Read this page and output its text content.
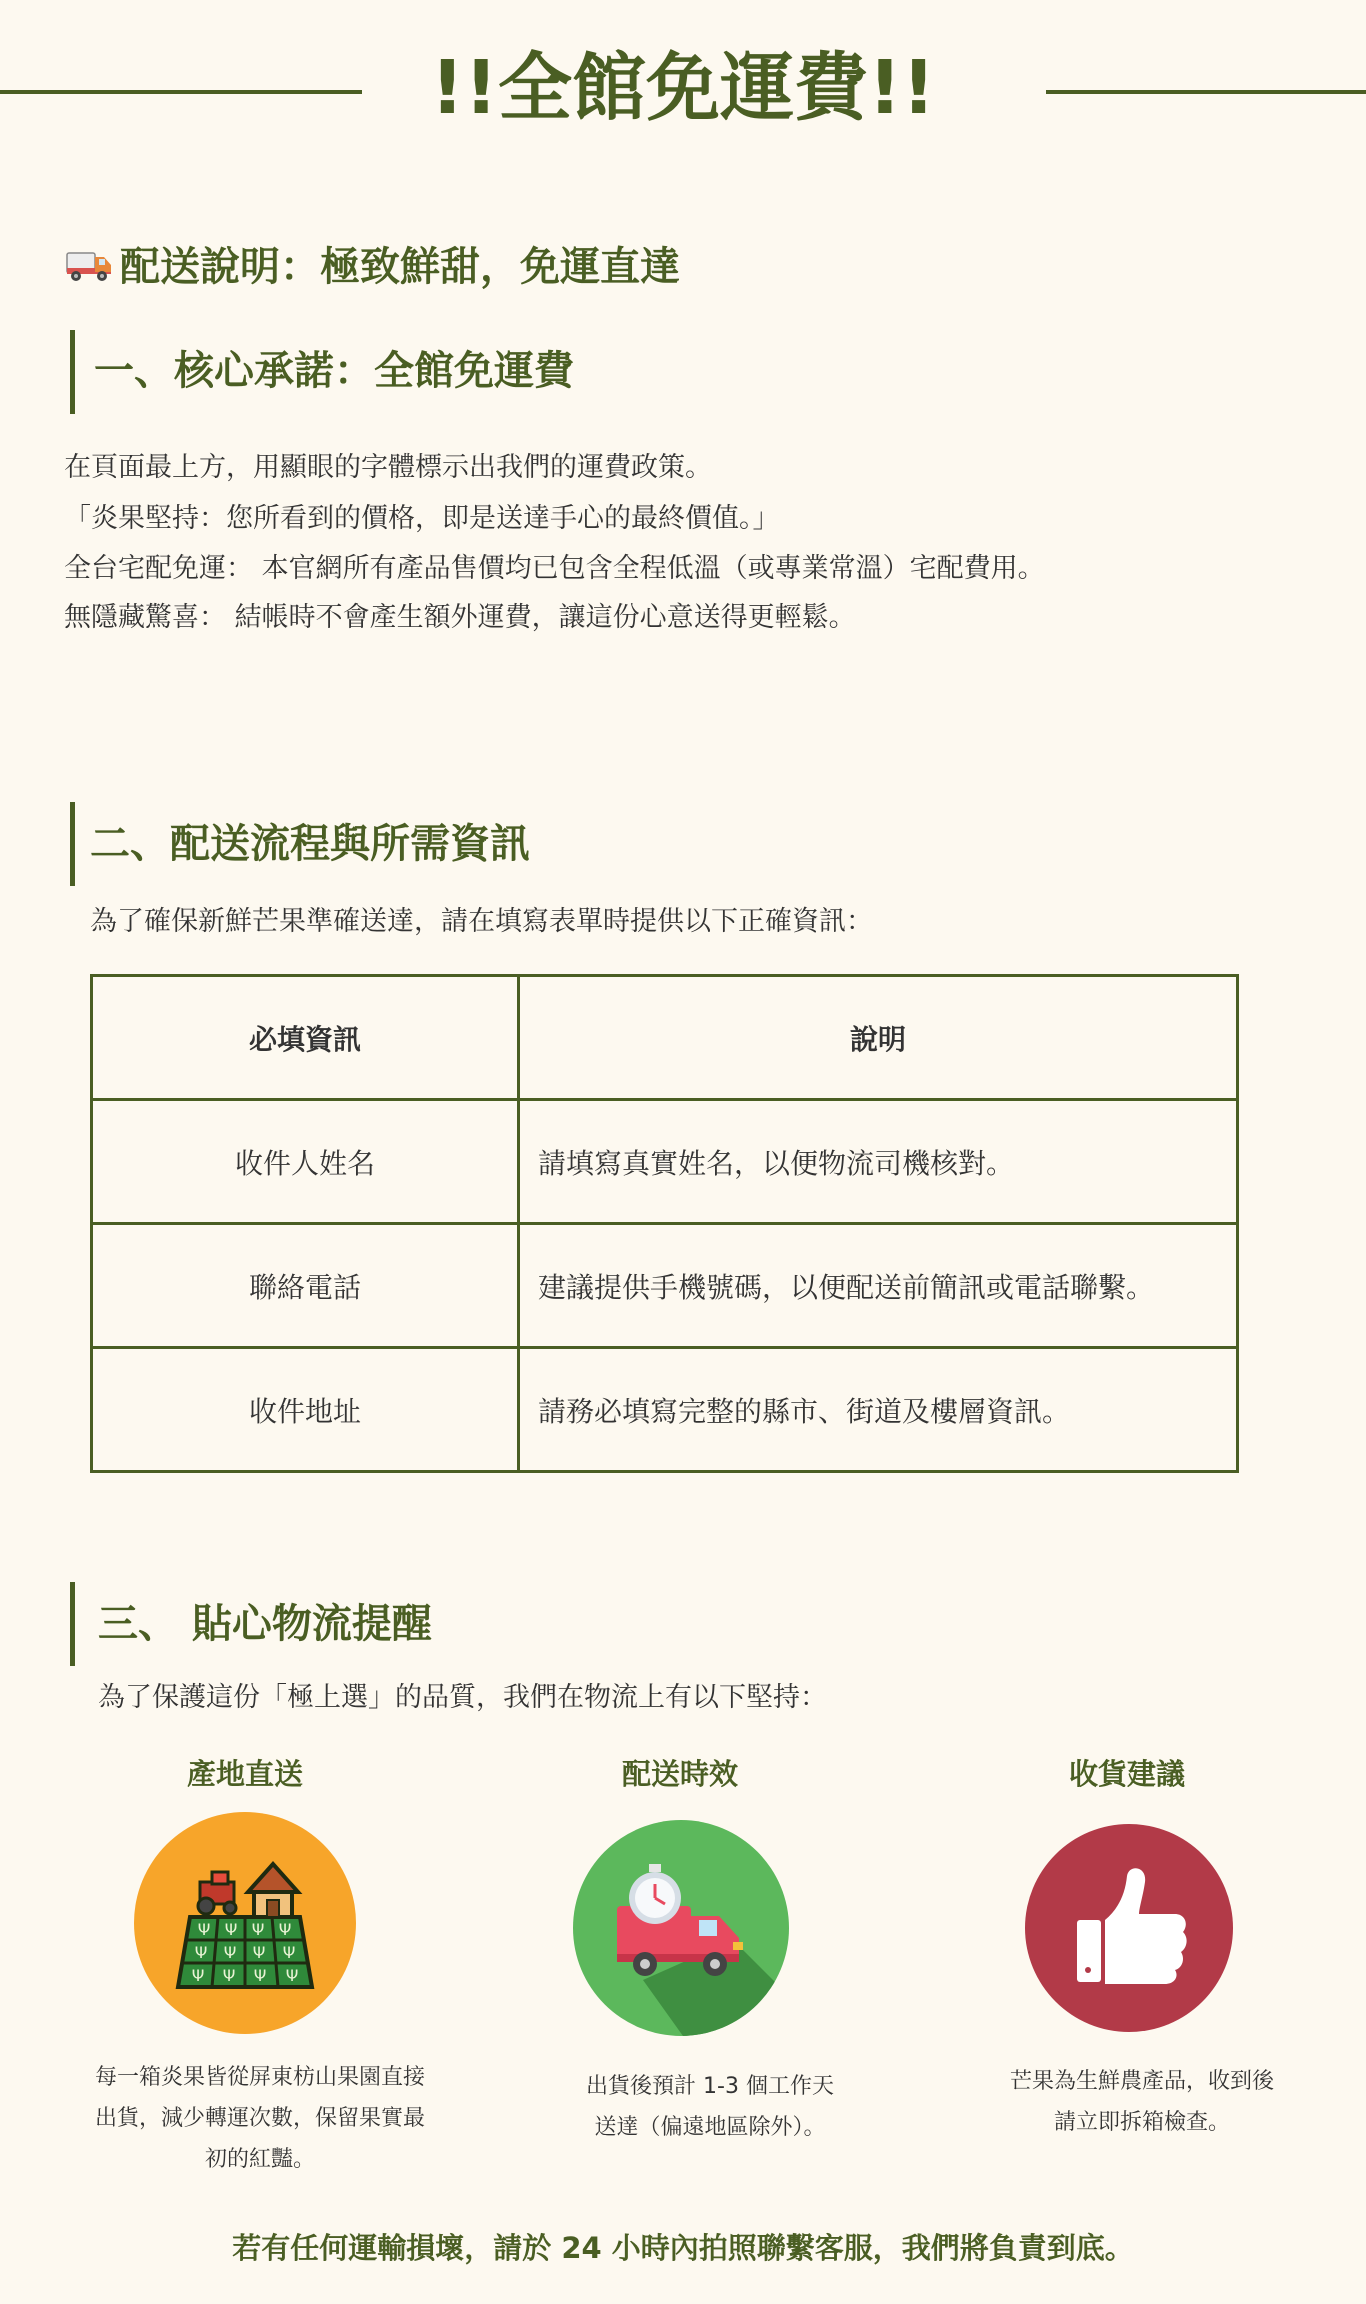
!!全館免運費!!
配送說明：極致鮮甜，免運直達
一、核心承諾：全館免運費
在頁面最上方，用顯眼的字體標示出我們的運費政策。
「炎果堅持：您所看到的價格，即是送達手心的最終價值。」
全台宅配免運： 本官網所有產品售價均已包含全程低溫（或專業常溫）宅配費用。
無隱藏驚喜： 結帳時不會產生額外運費，讓這份心意送得更輕鬆。
二、配送流程與所需資訊
為了確保新鮮芒果準確送達，請在填寫表單時提供以下正確資訊：
必填資訊	說明
收件人姓名	請填寫真實姓名，以便物流司機核對。
聯絡電話	建議提供手機號碼，以便配送前簡訊或電話聯繫。
收件地址	請務必填寫完整的縣市、街道及樓層資訊。
三、 貼心物流提醒
為了保護這份「極上選」的品質，我們在物流上有以下堅持：
產地直送
Ψ Ψ Ψ Ψ
Ψ Ψ Ψ Ψ
Ψ Ψ Ψ Ψ
每一箱炎果皆從屏東枋山果園直接
出貨，減少轉運次數，保留果實最
初的紅豔。
配送時效
出貨後預計 1-3 個工作天
送達（偏遠地區除外）。
收貨建議
芒果為生鮮農產品，收到後
請立即拆箱檢查。
若有任何運輸損壞，請於 24 小時內拍照聯繫客服，我們將負責到底。
